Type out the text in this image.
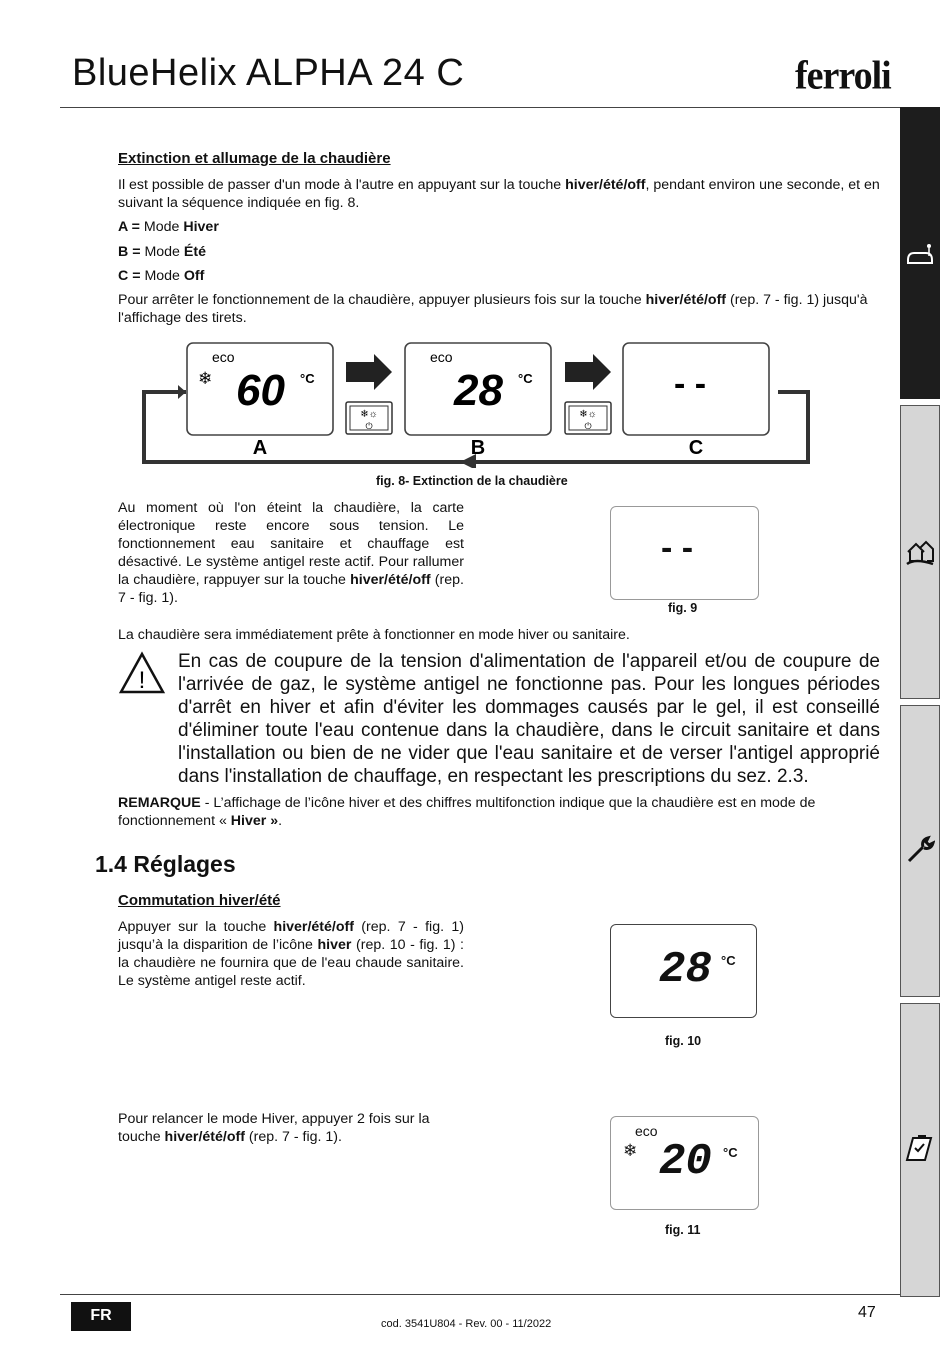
BlueHelix ALPHA 24 C	ferroli
Extinction et allumage de la chaudière
Il est possible de passer d'un mode à l'autre en appuyant sur la touche hiver/été/off, pendant environ une seconde, et en suivant la séquence indiquée en fig. 8.
A = Mode Hiver
B = Mode Été
C = Mode Off
Pour arrêter le fonctionnement de la chaudière, appuyer plusieurs fois sur la touche hiver/été/off (rep. 7 - fig. 1) jusqu'à l'affichage des tirets.
❄☼
⏻
❄☼
⏻
eco
❄ 60 °C
eco
28 °C	- -
A	B	C
fig. 8- Extinction de la chaudière
Au moment où l'on éteint la chaudière, la carte électronique reste encore sous tension. Le fonctionnement eau sanitaire et chauffage est désactivé. Le système antigel reste actif. Pour rallumer la chaudière, rappuyer sur la touche hiver/été/off (rep. 7 - fig. 1).
- -
fig. 9
La chaudière sera immédiatement prête à fonctionner en mode hiver ou sanitaire.
!
En cas de coupure de la tension d'alimentation de l'appareil et/ou de coupure de l'arrivée de gaz, le système antigel ne fonctionne pas. Pour les longues périodes d'arrêt en hiver et afin d'éviter les dommages causés par le gel, il est conseillé d'éliminer toute l'eau contenue dans la chaudière, dans le circuit sanitaire et dans l'installation ou bien de ne vider que l'eau sanitaire et de verser l'antigel approprié dans l'installation de chauffage, en respectant les prescriptions du sez. 2.3.
REMARQUE - L’affichage de l’icône hiver et des chiffres multifonction indique que la chaudière est en mode de fonctionnement « Hiver ».
1.4 Réglages
Commutation hiver/été
Appuyer sur la touche hiver/été/off (rep. 7 - fig. 1) jusqu’à la disparition de l’icône hiver (rep. 10 - fig. 1) : la chaudière ne fournira que de l'eau chaude sanitaire. Le système antigel reste actif.	28 °C
fig. 10
Pour relancer le mode Hiver, appuyer 2 fois sur la touche hiver/été/off (rep. 7 - fig. 1).	eco
❄ 20 °C
fig. 11
FR	cod. 3541U804 - Rev. 00 - 11/2022
47
